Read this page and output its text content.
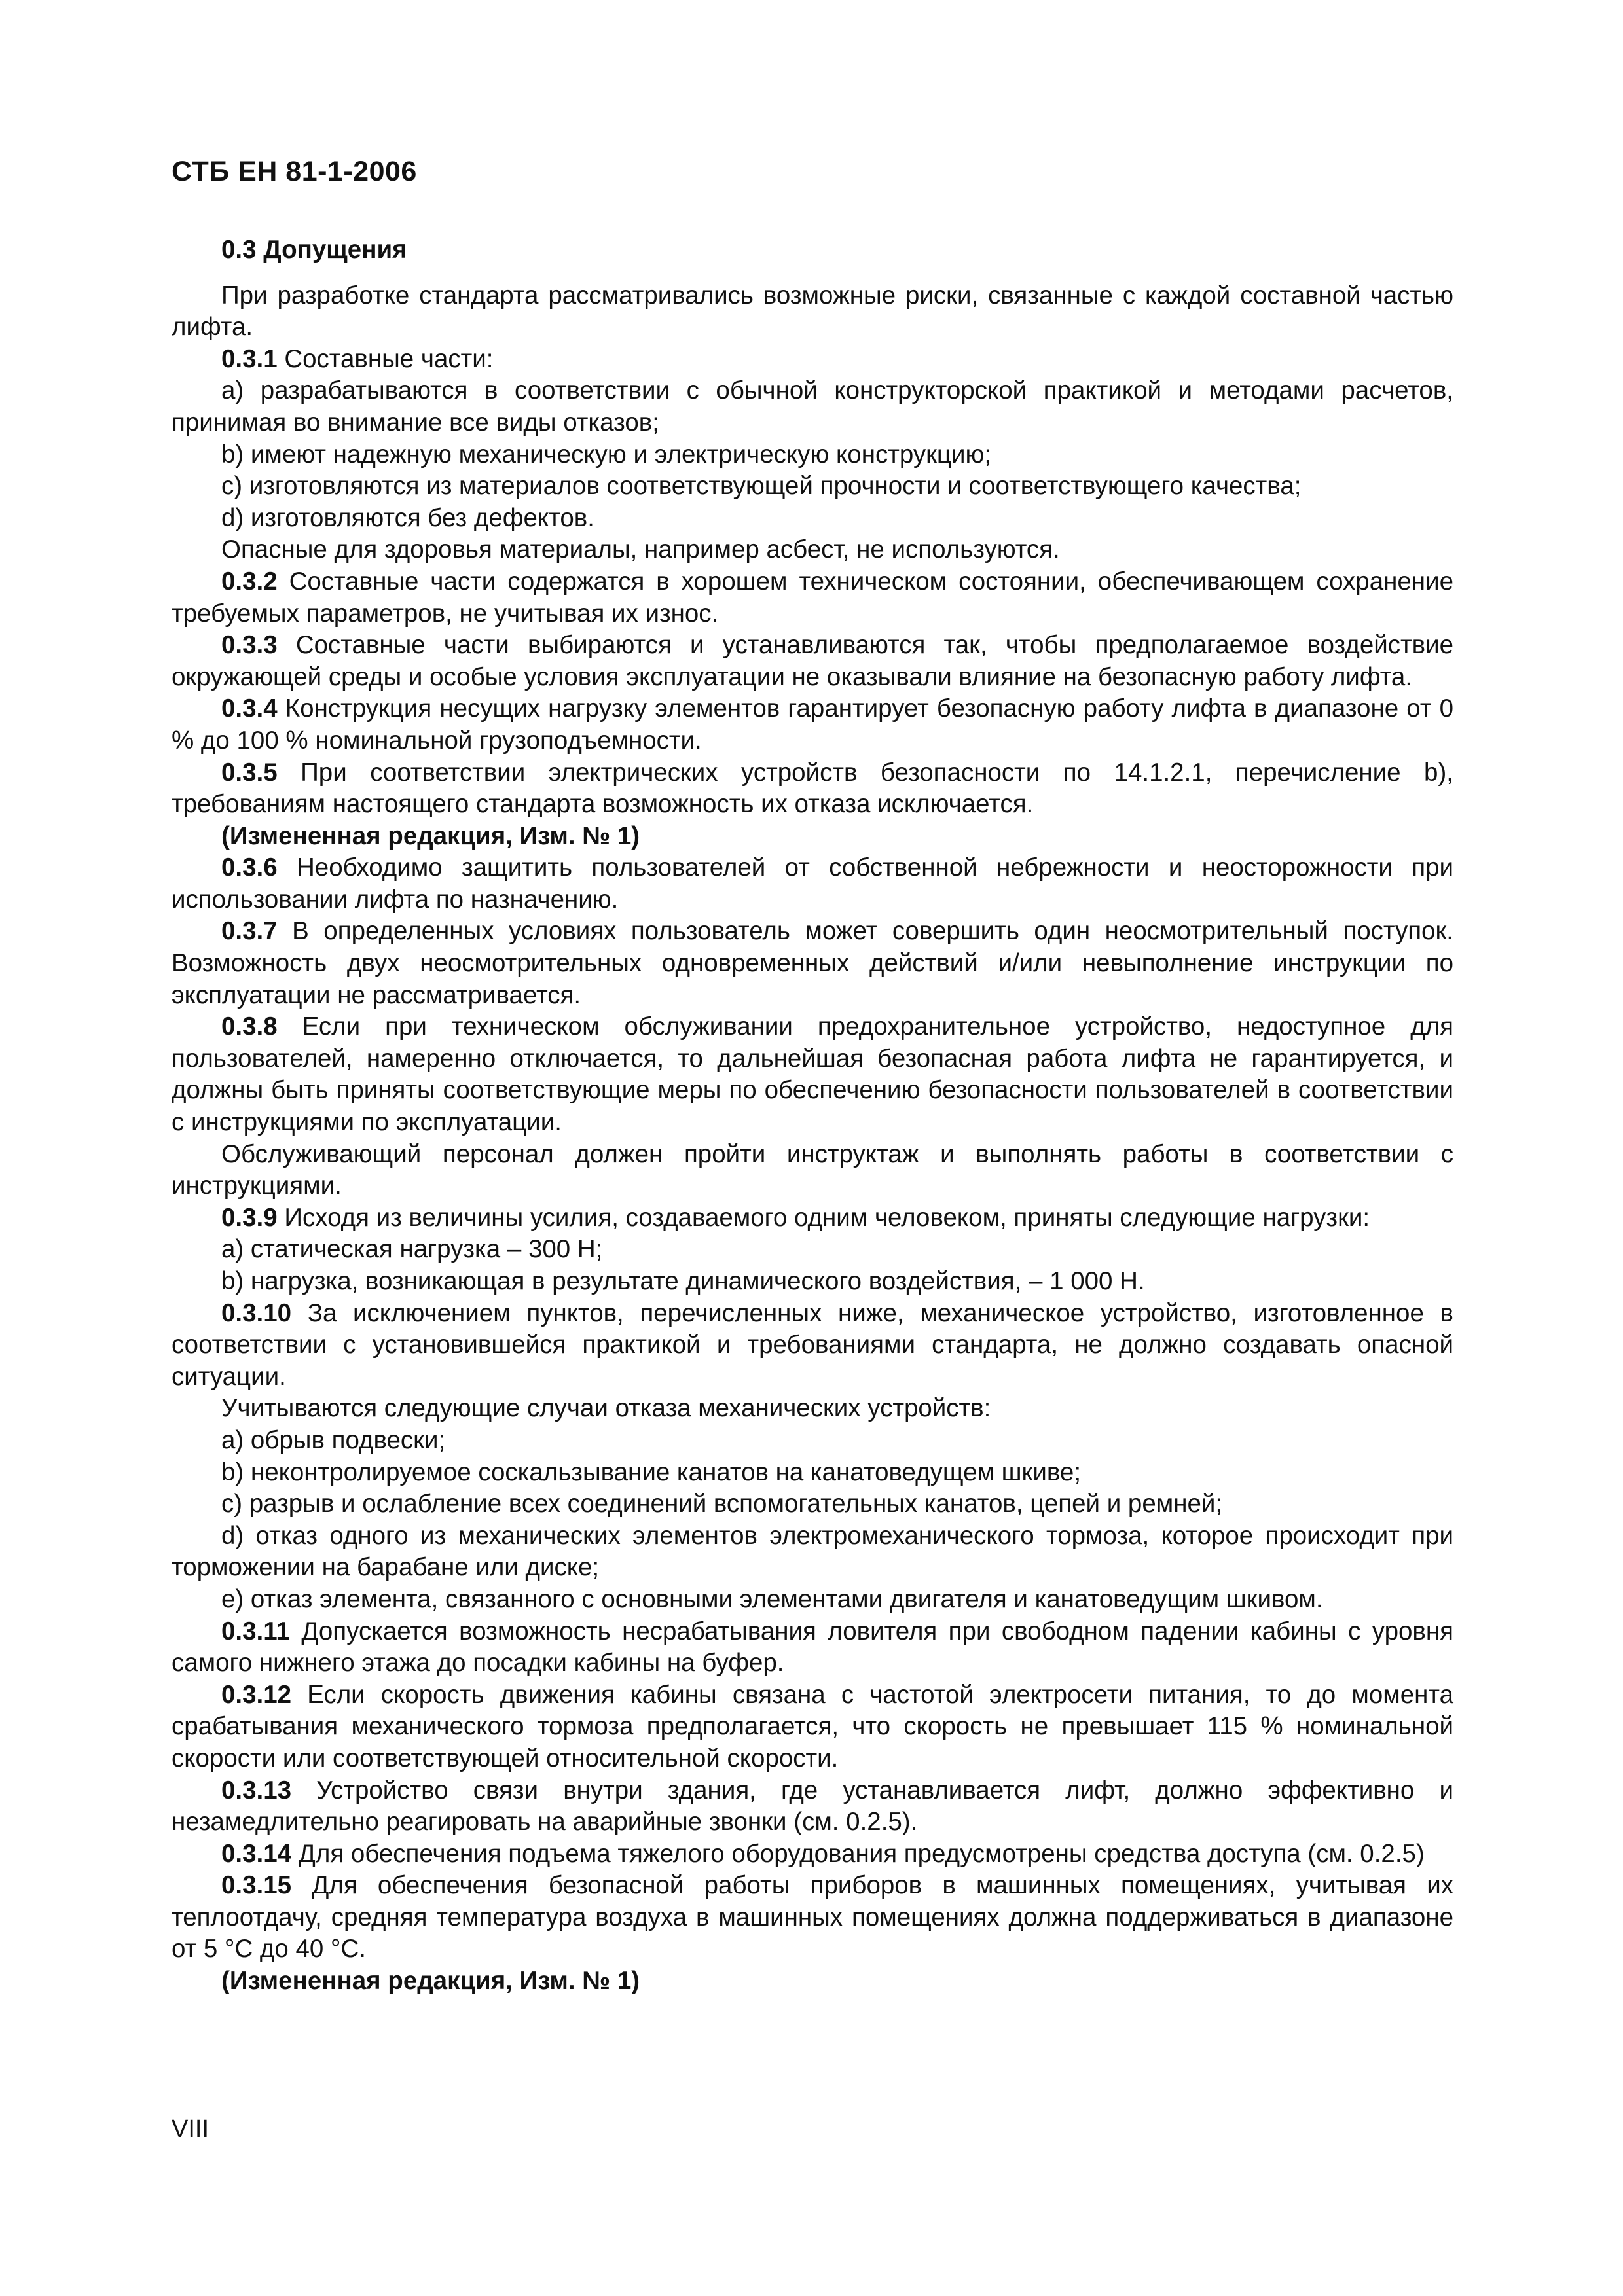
СТБ ЕН 81-1-2006

0.3 Допущения

При разработке стандарта рассматривались возможные риски, связанные с каждой составной частью лифта.

0.3.1 Составные части:

a) разрабатываются в соответствии с обычной конструкторской практикой и методами расчетов, принимая во внимание все виды отказов;

b) имеют надежную механическую и электрическую конструкцию;

c) изготовляются из материалов соответствующей прочности и соответствующего качества;

d) изготовляются без дефектов.

Опасные для здоровья материалы, например асбест, не используются.

0.3.2 Составные части содержатся в хорошем техническом состоянии, обеспечивающем сохранение требуемых параметров, не учитывая их износ.

0.3.3 Составные части выбираются и устанавливаются так, чтобы предполагаемое воздействие окружающей среды и особые условия эксплуатации не оказывали влияние на безопасную работу лифта.

0.3.4 Конструкция несущих нагрузку элементов гарантирует безопасную работу лифта в диапазоне от 0 % до 100 % номинальной грузоподъемности.

0.3.5 При соответствии электрических устройств безопасности по 14.1.2.1, перечисление b), требованиям настоящего стандарта возможность их отказа исключается.

(Измененная редакция, Изм. № 1)

0.3.6 Необходимо защитить пользователей от собственной небрежности и неосторожности при использовании лифта по назначению.

0.3.7 В определенных условиях пользователь может совершить один неосмотрительный поступок. Возможность двух неосмотрительных одновременных действий и/или невыполнение инструкции по эксплуатации не рассматривается.

0.3.8 Если при техническом обслуживании предохранительное устройство, недоступное для пользователей, намеренно отключается, то дальнейшая безопасная работа лифта не гарантируется, и должны быть приняты соответствующие меры по обеспечению безопасности пользователей в соответствии с инструкциями по эксплуатации.

Обслуживающий персонал должен пройти инструктаж и выполнять работы в соответствии с инструкциями.

0.3.9 Исходя из величины усилия, создаваемого одним человеком, приняты следующие нагрузки:

a) статическая нагрузка – 300 Н;

b) нагрузка, возникающая в результате динамического воздействия, – 1 000 Н.

0.3.10 За исключением пунктов, перечисленных ниже, механическое устройство, изготовленное в соответствии с установившейся практикой и требованиями стандарта, не должно создавать опасной ситуации.

Учитываются следующие случаи отказа механических устройств:

a) обрыв подвески;

b) неконтролируемое соскальзывание канатов на канатоведущем шкиве;

c) разрыв и ослабление всех соединений вспомогательных канатов, цепей и ремней;

d) отказ одного из механических элементов электромеханического тормоза, которое происходит при торможении на барабане или диске;

e) отказ элемента, связанного с основными элементами двигателя и канатоведущим шкивом.

0.3.11 Допускается возможность несрабатывания ловителя при свободном падении кабины с уровня самого нижнего этажа до посадки кабины на буфер.

0.3.12 Если скорость движения кабины связана с частотой электросети питания, то до момента срабатывания механического тормоза предполагается, что скорость не превышает 115 % номинальной скорости или соответствующей относительной скорости.

0.3.13 Устройство связи внутри здания, где устанавливается лифт, должно эффективно и незамедлительно реагировать на аварийные звонки (см. 0.2.5).

0.3.14 Для обеспечения подъема тяжелого оборудования предусмотрены средства доступа (см. 0.2.5)

0.3.15 Для обеспечения безопасной работы приборов в машинных помещениях, учитывая их теплоотдачу, средняя температура воздуха в машинных помещениях должна поддерживаться в диапазоне от 5 °С до 40 °С.

(Измененная редакция, Изм. № 1)

VIII
